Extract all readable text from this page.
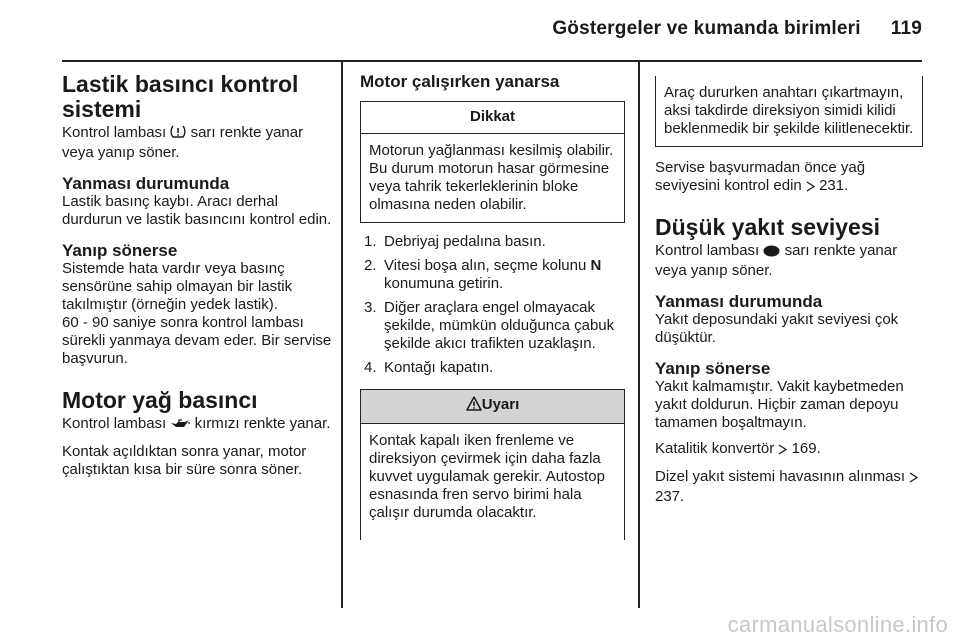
Göstergeler ve kumanda birimleri 119
Lastik basıncı kontrol
sistemi

Kontrol lambası sarı renkte yanar veya yanıp söner.

Yanması durumunda

Lastik basınç kaybı. Aracı derhal durdurun ve lastik basıncını kontrol edin.

Yanıp sönerse

Sistemde hata vardır veya basınç sensörüne sahip olmayan bir lastik takılmıştır (örneğin yedek lastik).

60 - 90 saniye sonra kontrol lambası sürekli yanmaya devam eder. Bir servise başvurun.

Motor yağ basıncı

Kontrol lambası kırmızı renkte yanar.

Kontak açıldıktan sonra yanar, motor çalıştıktan kısa bir süre sonra söner.

Motor çalışırken yanarsa
Dikkat
Motorun yağlanması kesilmiş olabilir. Bu durum motorun hasar görmesine veya tahrik tekerleklerinin bloke olmasına neden olabilir.
1. Debriyaj pedalına basın.
2. Vitesi boşa alın, seçme kolunu N konumuna getirin.
3. Diğer araçlara engel olmayacak şekilde, mümkün olduğunca çabuk şekilde akıcı trafikten uzaklaşın.
4. Kontağı kapatın.
Uyarı
Kontak kapalı iken frenleme ve direksiyon çevirmek için daha fazla kuvvet uygulamak gerekir. Autostop esnasında fren servo birimi hala çalışır durumda olacaktır.
Araç dururken anahtarı çıkartmayın, aksi takdirde direksiyon simidi kilidi beklenmedik bir şekilde kilitlenecektir.

Servise başvurmadan önce yağ seviyesini kontrol edin 231.

Düşük yakıt seviyesi

Kontrol lambası sarı renkte yanar veya yanıp söner.

Yanması durumunda

Yakıt deposundaki yakıt seviyesi çok düşüktür.

Yanıp sönerse

Yakıt kalmamıştır. Vakit kaybetmeden yakıt doldurun. Hiçbir zaman depoyu tamamen boşaltmayın.

Katalitik konvertör 169.

Dizel yakıt sistemi havasının alınması  237.

carmanualsonline.info
